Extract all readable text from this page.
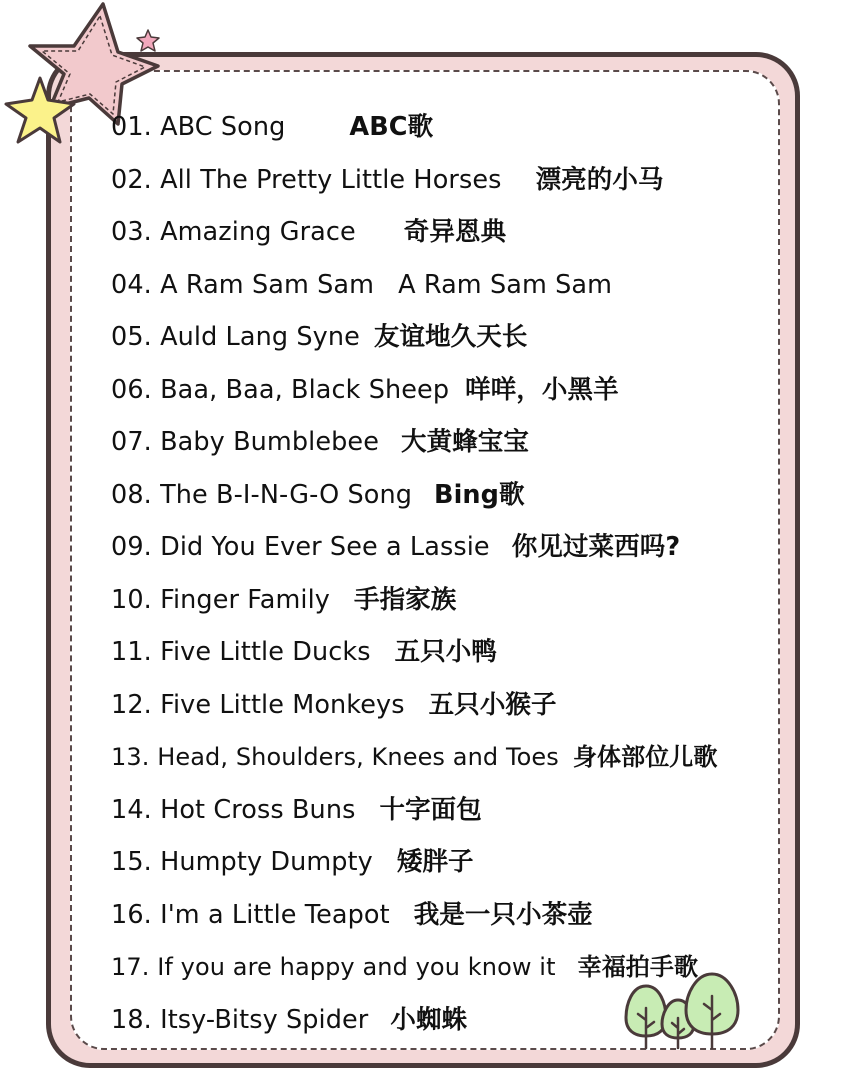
01. ABC Song	ABC歌
02. All The Pretty Little Horses 漂亮的小马
03. Amazing Grace 奇异恩典
04. A Ram Sam Sam A Ram Sam Sam
05. Auld Lang Syne 友谊地久天长
06. Baa, Baa, Black Sheep 咩咩，小黑羊
07. Baby Bumblebee 大黄蜂宝宝
08. The B-I-N-G-O Song Bing歌
09. Did You Ever See a Lassie 你见过菜西吗?
10. Finger Family 手指家族
11. Five Little Ducks 五只小鸭
12. Five Little Monkeys 五只小猴子
13. Head, Shoulders, Knees and Toes 身体部位儿歌
14. Hot Cross Buns 十字面包
15. Humpty Dumpty 矮胖子
16. I'm a Little Teapot 我是一只小茶壶
17. If you are happy and you know it 幸福拍手歌
18. Itsy-Bitsy Spider 小蜘蛛
